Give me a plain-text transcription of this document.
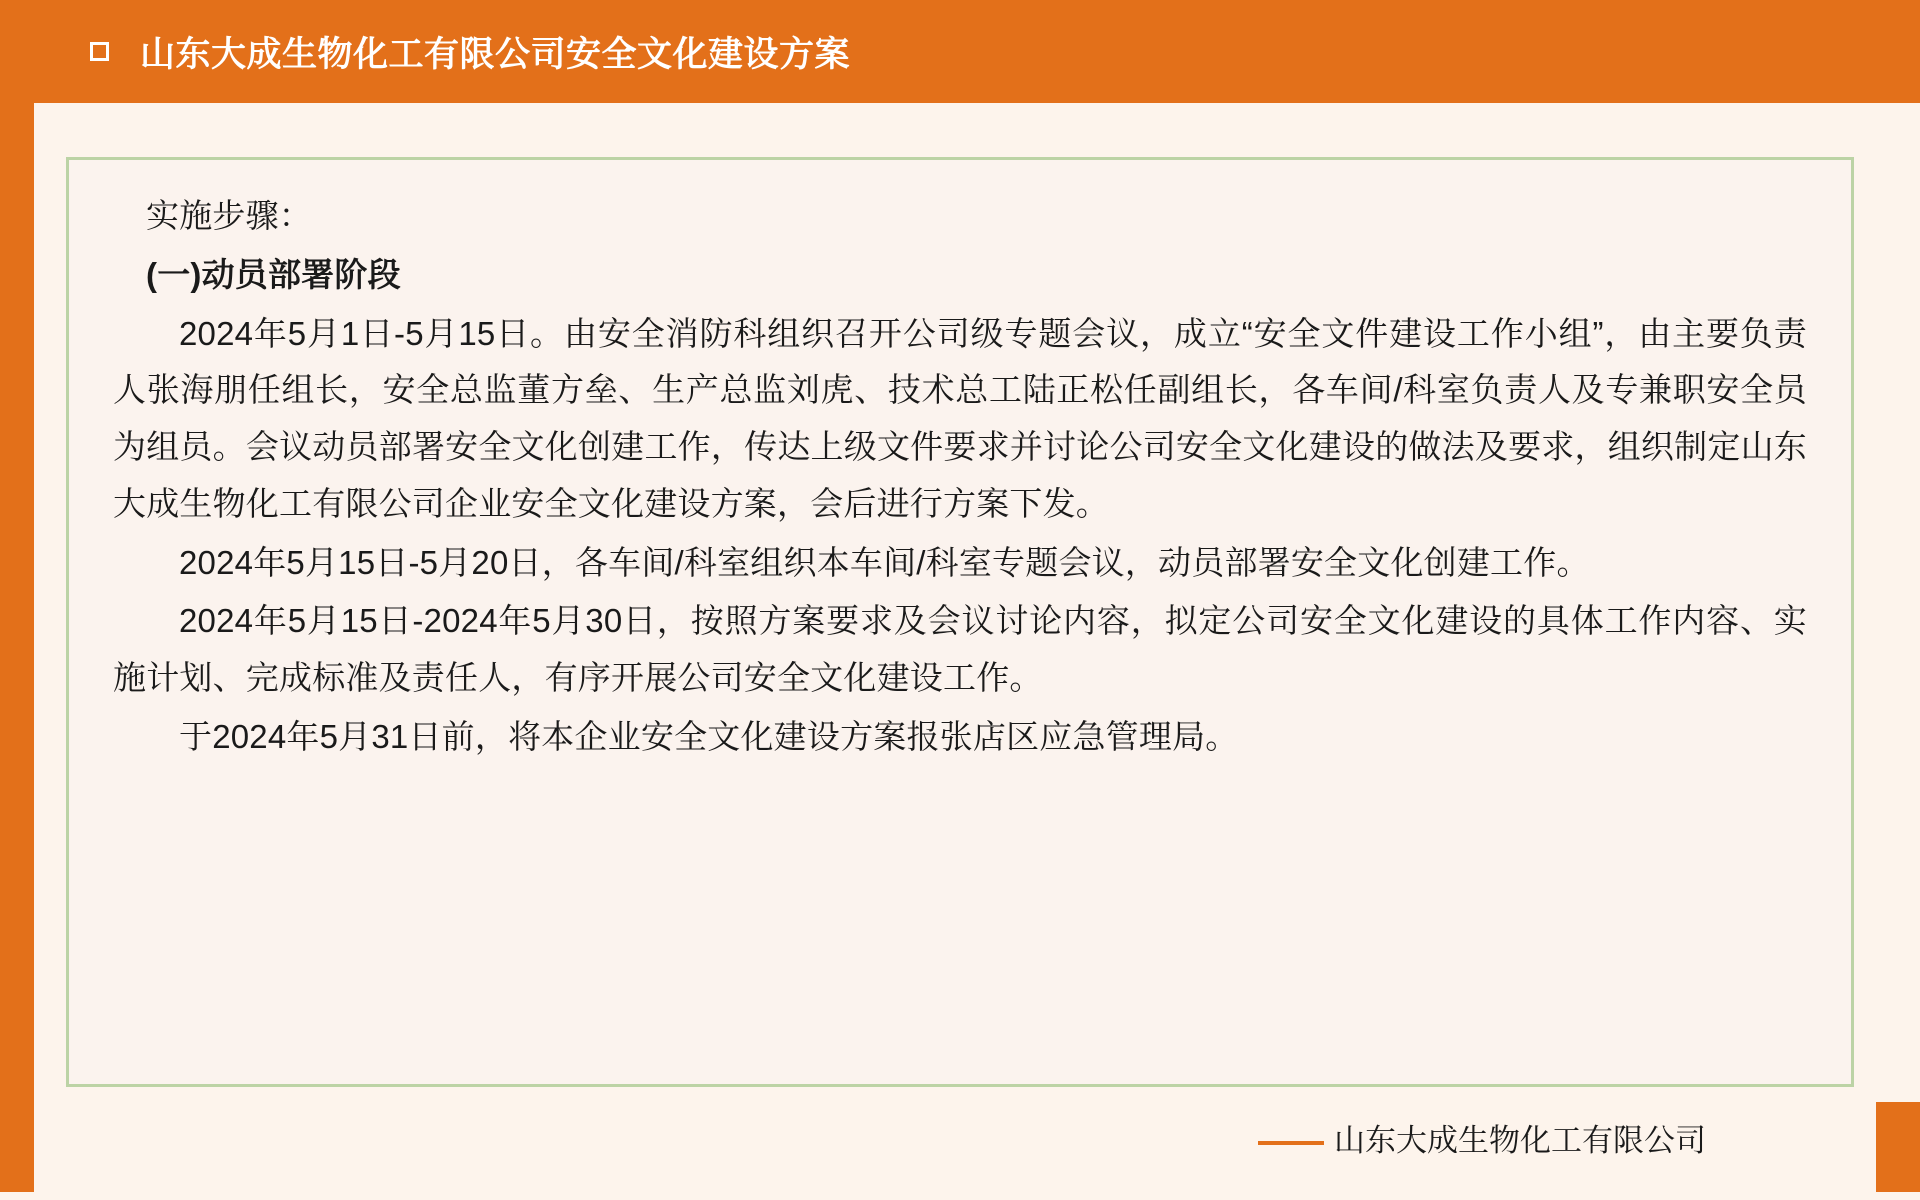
山东大成生物化工有限公司安全文化建设方案

实施步骤：

(一)动员部署阶段

2024年5月1日-5月15日。由安全消防科组织召开公司级专题会议，成立“安全文件建设工作小组”，由主要负责人张海朋任组长，安全总监董方垒、生产总监刘虎、技术总工陆正松任副组长，各车间/科室负责人及专兼职安全员为组员。会议动员部署安全文化创建工作，传达上级文件要求并讨论公司安全文化建设的做法及要求，组织制定山东大成生物化工有限公司企业安全文化建设方案，会后进行方案下发。

2024年5月15日-5月20日，各车间/科室组织本车间/科室专题会议，动员部署安全文化创建工作。

2024年5月15日-2024年5月30日，按照方案要求及会议讨论内容，拟定公司安全文化建设的具体工作内容、实施计划、完成标准及责任人，有序开展公司安全文化建设工作。

于2024年5月31日前，将本企业安全文化建设方案报张店区应急管理局。

山东大成生物化工有限公司
